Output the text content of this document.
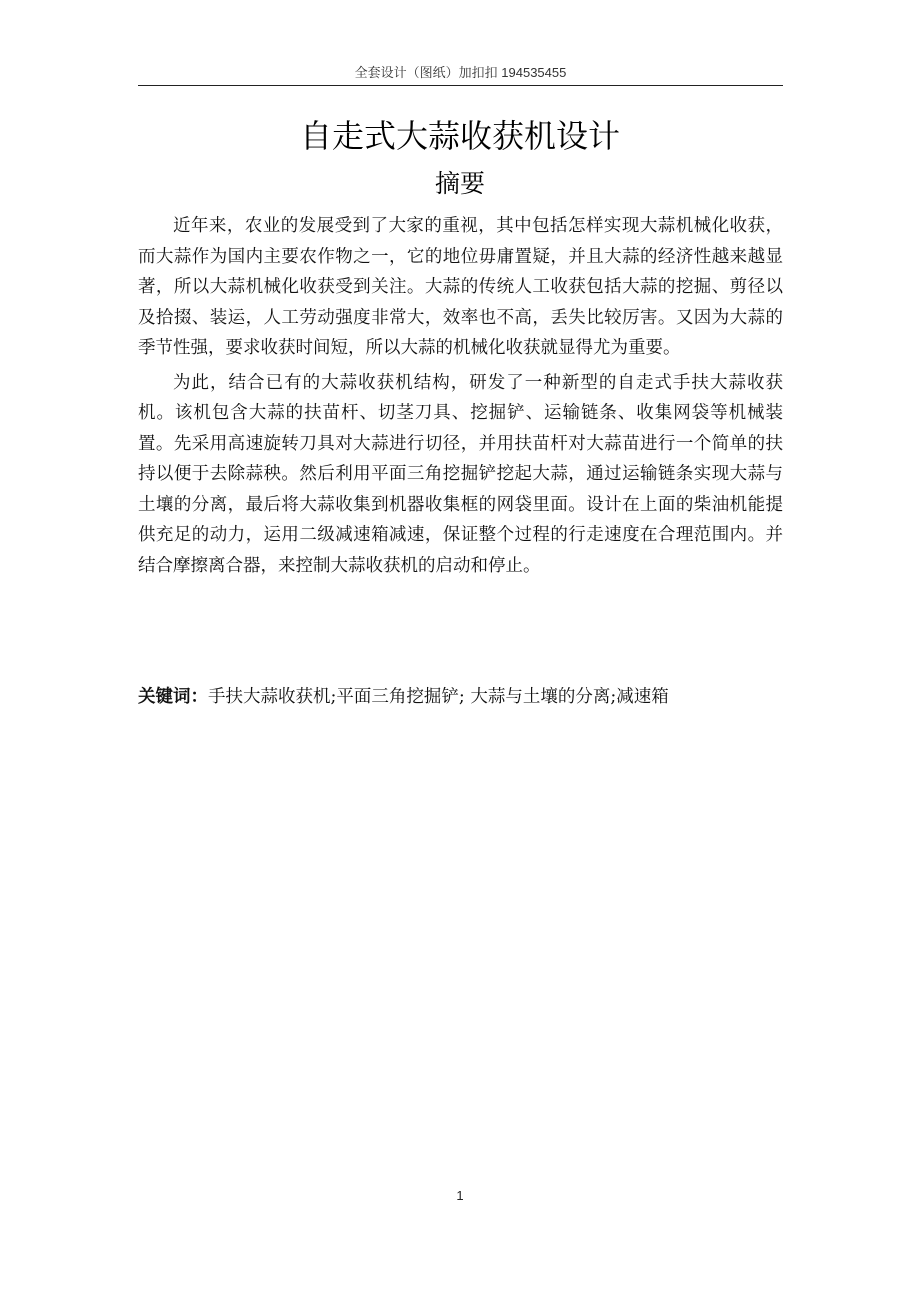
全套设计（图纸）加扣扣 194535455
自走式大蒜收获机设计
摘要

近年来，农业的发展受到了大家的重视，其中包括怎样实现大蒜机械化收获，而大蒜作为国内主要农作物之一，它的地位毋庸置疑，并且大蒜的经济性越来越显著，所以大蒜机械化收获受到关注。大蒜的传统人工收获包括大蒜的挖掘、剪径以及拾掇、装运，人工劳动强度非常大，效率也不高，丢失比较厉害。又因为大蒜的季节性强，要求收获时间短，所以大蒜的机械化收获就显得尤为重要。

为此，结合已有的大蒜收获机结构，研发了一种新型的自走式手扶大蒜收获机。该机包含大蒜的扶苗杆、切茎刀具、挖掘铲、运输链条、收集网袋等机械装置。先采用高速旋转刀具对大蒜进行切径，并用扶苗杆对大蒜苗进行一个简单的扶持以便于去除蒜秧。然后利用平面三角挖掘铲挖起大蒜，通过运输链条实现大蒜与土壤的分离，最后将大蒜收集到机器收集框的网袋里面。设计在上面的柴油机能提供充足的动力，运用二级减速箱减速，保证整个过程的行走速度在合理范围内。并结合摩擦离合器，来控制大蒜收获机的启动和停止。

关键词：手扶大蒜收获机;平面三角挖掘铲; 大蒜与土壤的分离;减速箱

1
